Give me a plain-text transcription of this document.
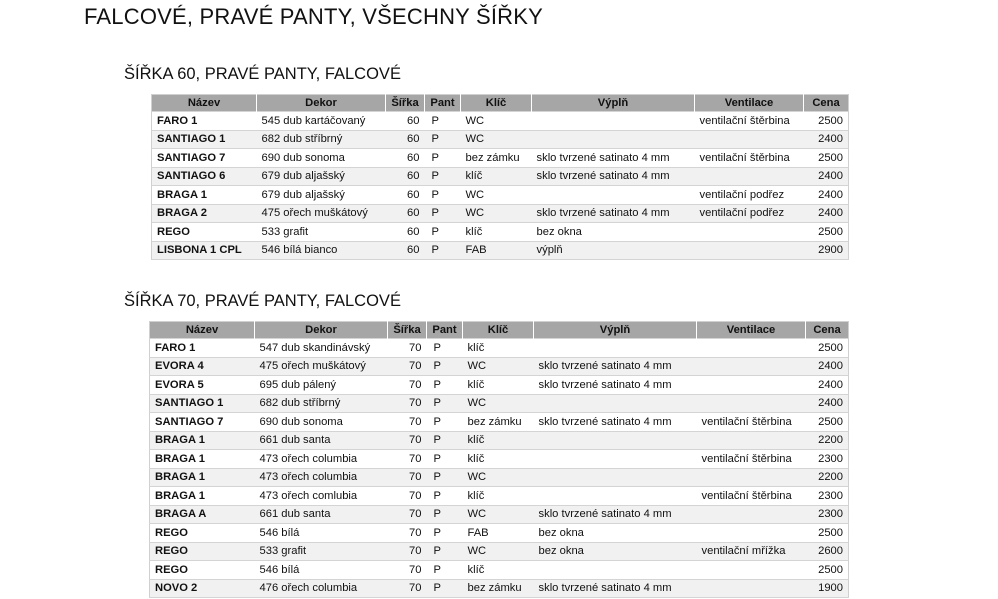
FALCOVÉ, PRAVÉ PANTY, VŠECHNY ŠÍŘKY
ŠÍŘKA 60, PRAVÉ PANTY, FALCOVÉ
Název	Dekor	Šířka	Pant	Klíč	Výplň	Ventilace	Cena
FARO 1	545 dub kartáčovaný	60	P	WC		ventilační štěrbina	2500
SANTIAGO 1	682 dub stříbrný	60	P	WC			2400
SANTIAGO 7	690 dub sonoma	60	P	bez zámku	sklo tvrzené satinato 4 mm	ventilační štěrbina	2500
SANTIAGO 6	679 dub aljašský	60	P	klíč	sklo tvrzené satinato 4 mm		2400
BRAGA 1	679 dub aljašský	60	P	WC		ventilační podřez	2400
BRAGA 2	475 ořech muškátový	60	P	WC	sklo tvrzené satinato 4 mm	ventilační podřez	2400
REGO	533 grafit	60	P	klíč	bez okna		2500
LISBONA 1 CPL	546 bílá bianco	60	P	FAB	výplň		2900
ŠÍŘKA 70, PRAVÉ PANTY, FALCOVÉ
Název	Dekor	Šířka	Pant	Klíč	Výplň	Ventilace	Cena
FARO 1	547 dub skandinávský	70	P	klíč			2500
EVORA 4	475 ořech muškátový	70	P	WC	sklo tvrzené satinato 4 mm		2400
EVORA 5	695 dub pálený	70	P	klíč	sklo tvrzené satinato 4 mm		2400
SANTIAGO 1	682 dub stříbrný	70	P	WC			2400
SANTIAGO 7	690 dub sonoma	70	P	bez zámku	sklo tvrzené satinato 4 mm	ventilační štěrbina	2500
BRAGA 1	661 dub santa	70	P	klíč			2200
BRAGA 1	473 ořech columbia	70	P	klíč		ventilační štěrbina	2300
BRAGA 1	473 ořech columbia	70	P	WC			2200
BRAGA 1	473 ořech comlubia	70	P	klíč		ventilační štěrbina	2300
BRAGA A	661 dub santa	70	P	WC	sklo tvrzené satinato 4 mm		2300
REGO	546 bílá	70	P	FAB	bez okna		2500
REGO	533 grafit	70	P	WC	bez okna	ventilační mřížka	2600
REGO	546 bílá	70	P	klíč			2500
NOVO 2	476 ořech columbia	70	P	bez zámku	sklo tvrzené satinato 4 mm		1900
